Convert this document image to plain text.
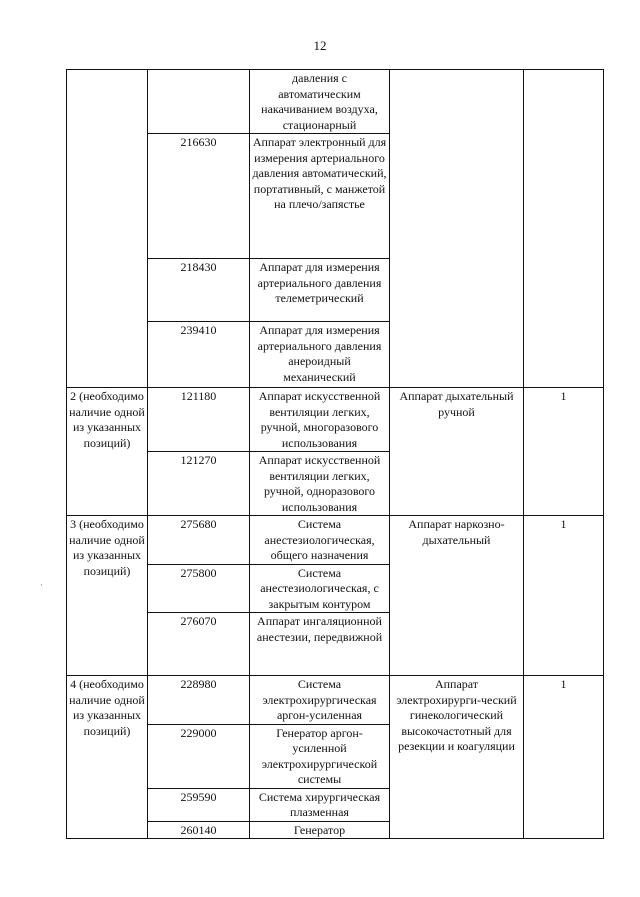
12
		давления с автоматическим накачиванием воздуха, стационарный		
	216630	Аппарат электронный для измерения артериального давления автоматический, портативный, с манжетой на плечо/запястье		
	218430	Аппарат для измерения артериального давления телеметрический		
	239410	Аппарат для измерения артериального давления анероидный механический		
2 (необходимо наличие одной из указанных позиций)	121180	Аппарат искусственной вентиляции легких, ручной, многоразового использования	Аппарат дыхательный ручной	1
	121270	Аппарат искусственной вентиляции легких, ручной, одноразового использования		
3 (необходимо наличие одной из указанных позиций)	275680	Система анестезиологическая, общего назначения	Аппарат наркозно-дыхательный	1
	275800	Система анестезиологическая, с закрытым контуром		
	276070	Аппарат ингаляционной анестезии, передвижной		
4 (необходимо наличие одной из указанных позиций)	228980	Система электрохирургическая аргон-усиленная	Аппарат электрохирурги-ческий гинекологический высокочастотный для резекции и коагуляции	1
	229000	Генератор аргон-усиленной электрохирургической системы		
	259590	Система хирургическая плазменная		
	260140	Генератор		
·
